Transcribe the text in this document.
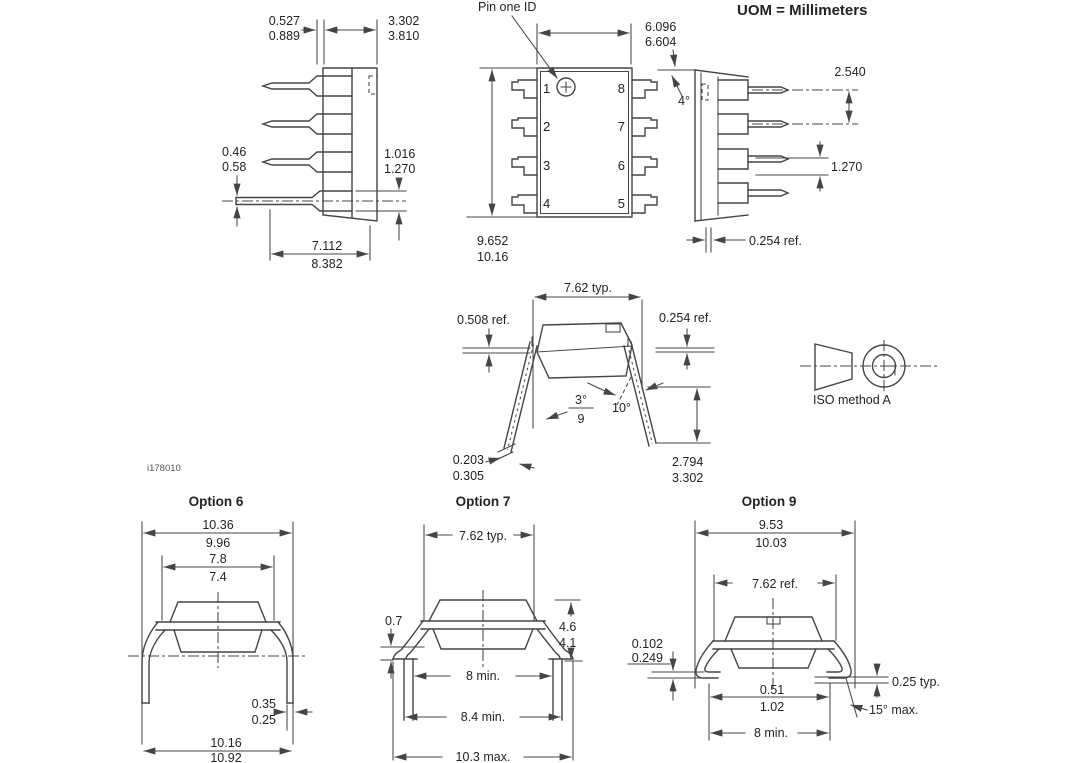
UOM = Millimeters
i178010
0.527
0.889
3.302
3.810
0.46
0.58
1.016
1.270
7.112
8.382
1
2
3
4
8
7
6
5
Pin one ID
6.096
6.604
9.652
10.16
4°
2.540
1.270
0.254 ref.
7.62 typ.
0.508 ref.	0.254 ref.
3°
9
10°
0.203
0.305
2.794
3.302
ISO method A
Option 6
10.36
9.96
7.8
7.4
0.35
0.25
10.16
10.92
Option 7
7.62 typ.
0.7	4.6
4.1
8 min.
8.4 min.
10.3 max.
Option 9
9.53
10.03
7.62 ref.
0.102
0.249
0.25 typ.
15° max.
0.51
1.02
8 min.
